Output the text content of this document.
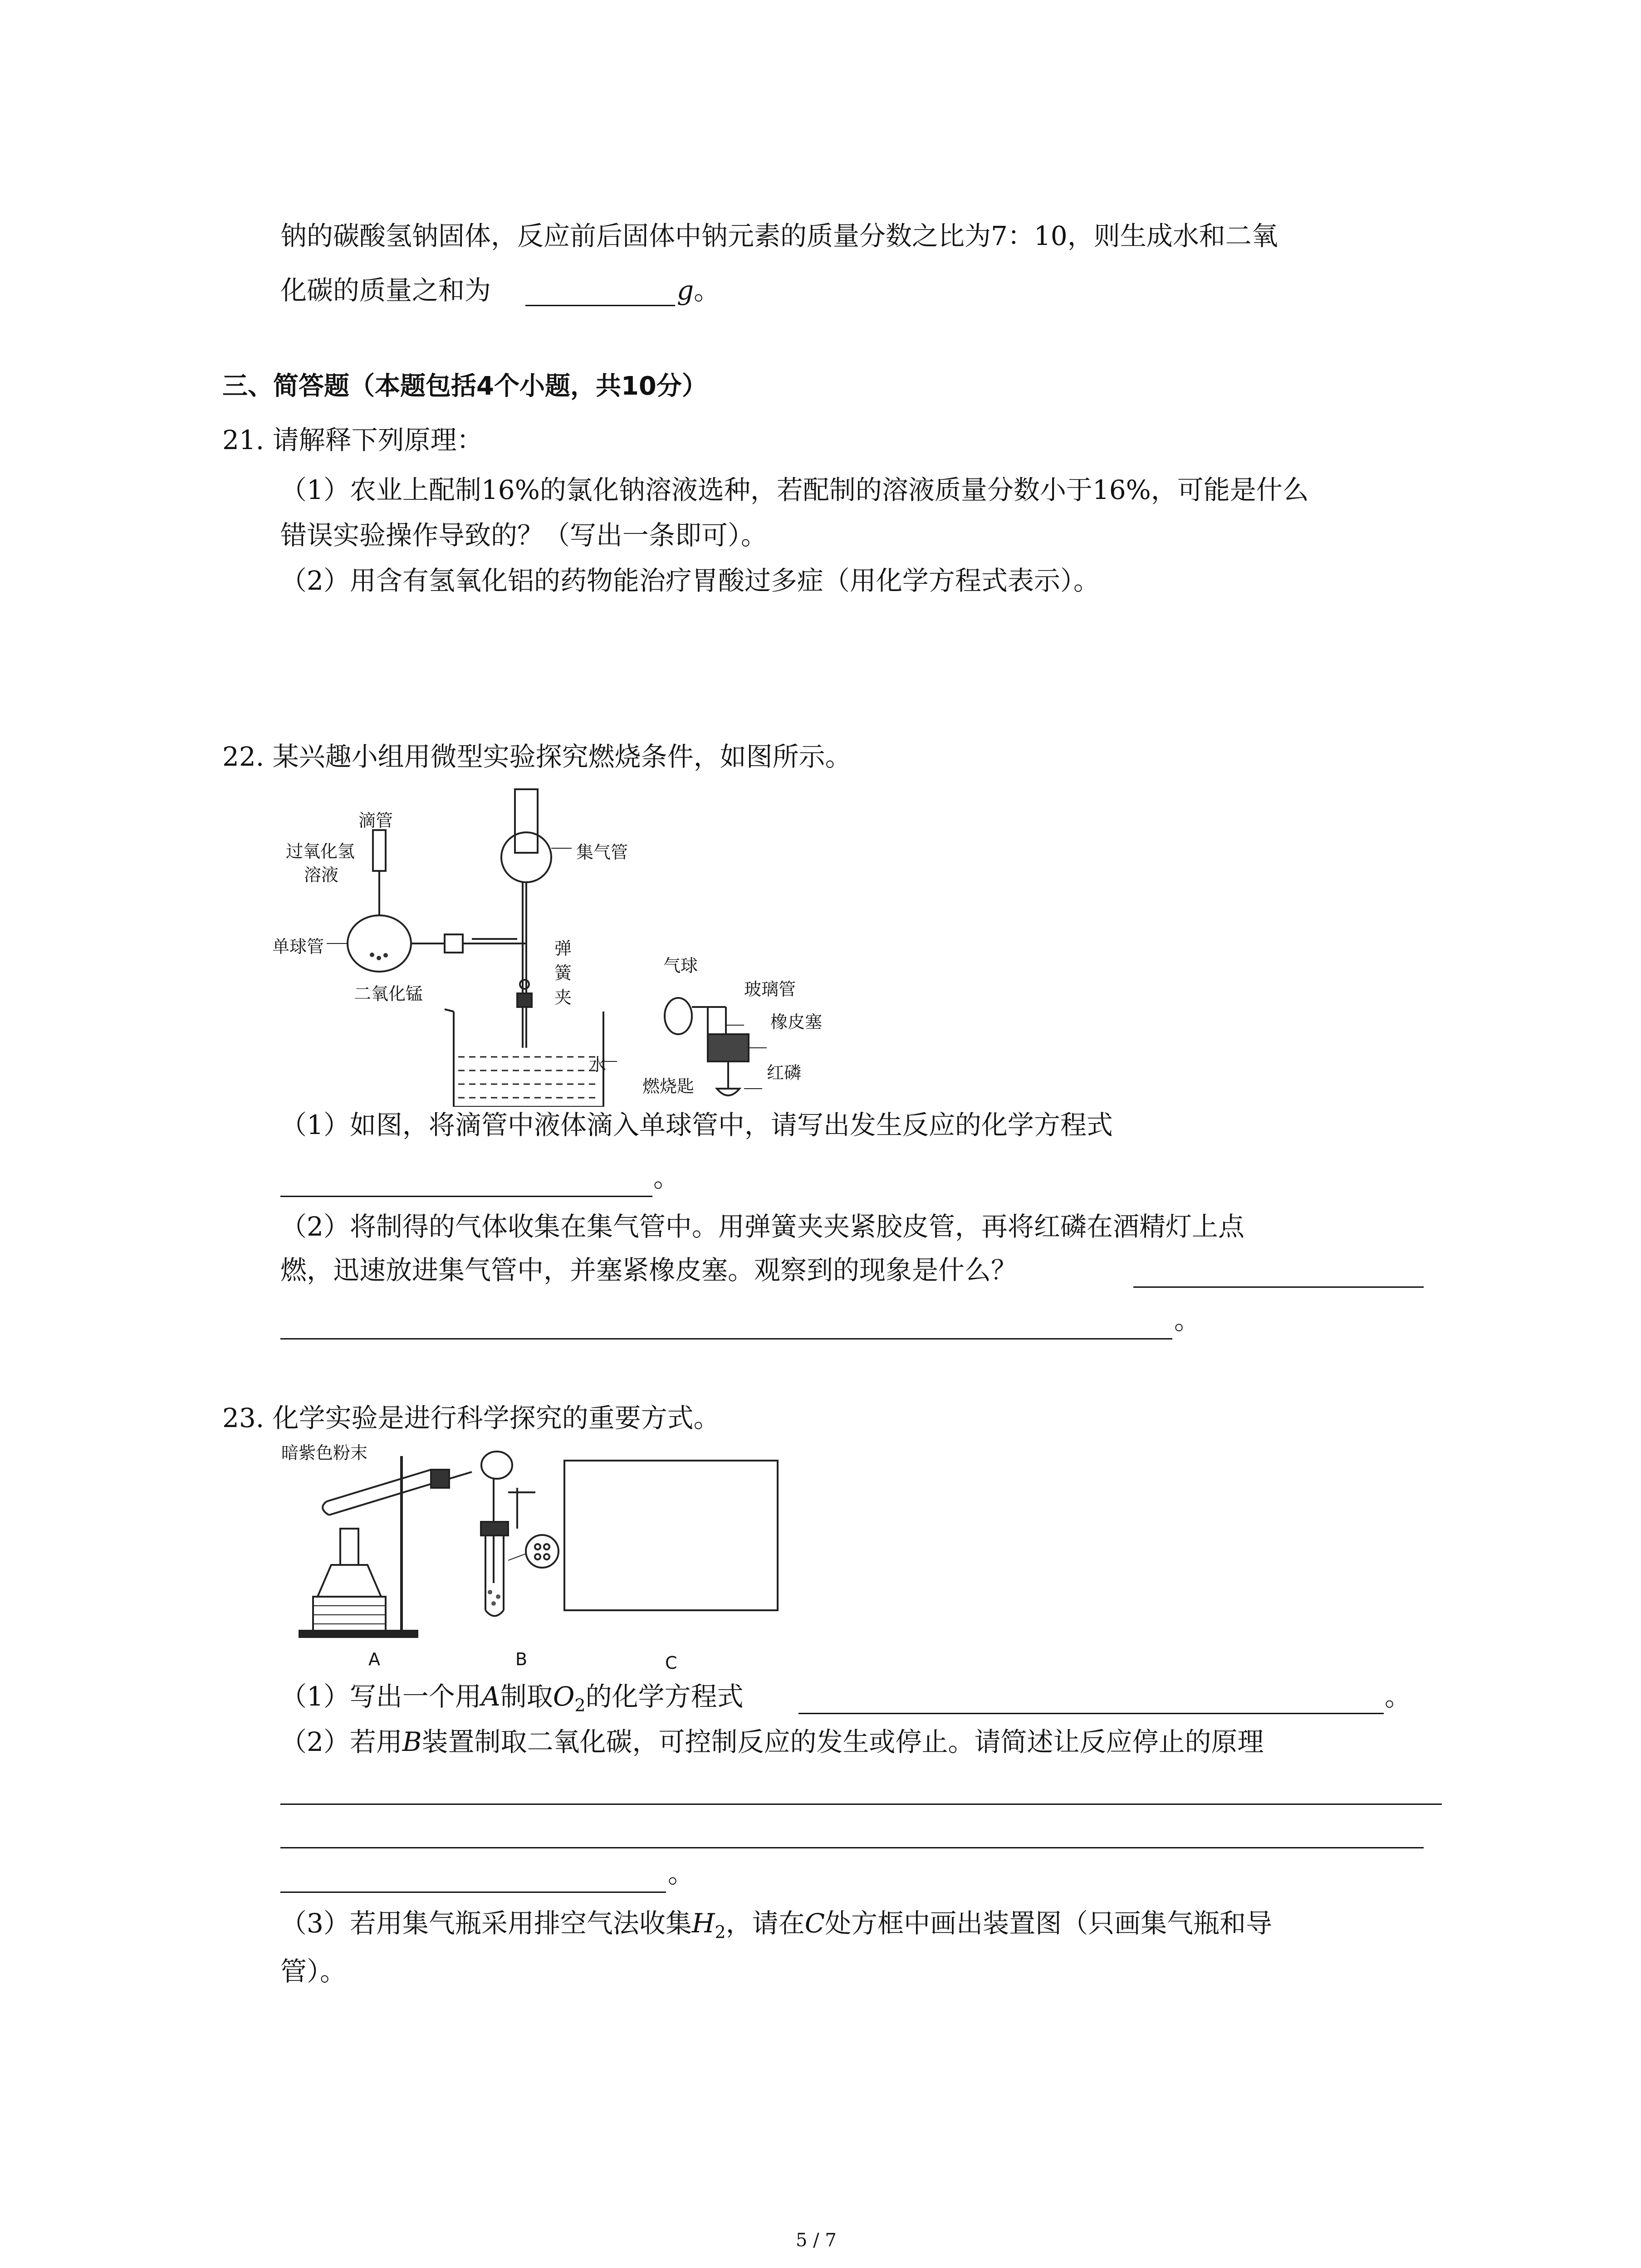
钠的碳酸氢钠固体，反应前后固体中钠元素的质量分数之比为7：10，则生成水和二氧
化碳的质量之和为	g。
三、简答题（本题包括4个小题，共10分）
21. 请解释下列原理：
（1）农业上配制16%的氯化钠溶液选种，若配制的溶液质量分数小于16%，可能是什么
错误实验操作导致的？（写出一条即可）。
（2）用含有氢氧化铝的药物能治疗胃酸过多症（用化学方程式表示）。
22. 某兴趣小组用微型实验探究燃烧条件，如图所示。
滴管
过氧化氢
溶液
单球管
二氧化锰
集气管
弹
簧
夹
水
气球
玻璃管
橡皮塞
燃烧匙
红磷
（1）如图，将滴管中液体滴入单球管中，请写出发生反应的化学方程式
。
（2）将制得的气体收集在集气管中。用弹簧夹夹紧胶皮管，再将红磷在酒精灯上点
燃，迅速放进集气管中，并塞紧橡皮塞。观察到的现象是什么？
。
23. 化学实验是进行科学探究的重要方式。
暗紫色粉末
A	B	C
（1）写出一个用A制取$O_2$的化学方程式	。
（2）若用B装置制取二氧化碳，可控制反应的发生或停止。请简述让反应停止的原理
。
（3）若用集气瓶采用排空气法收集$H_2$，请在C处方框中画出装置图（只画集气瓶和导
管）。
5 / 7
